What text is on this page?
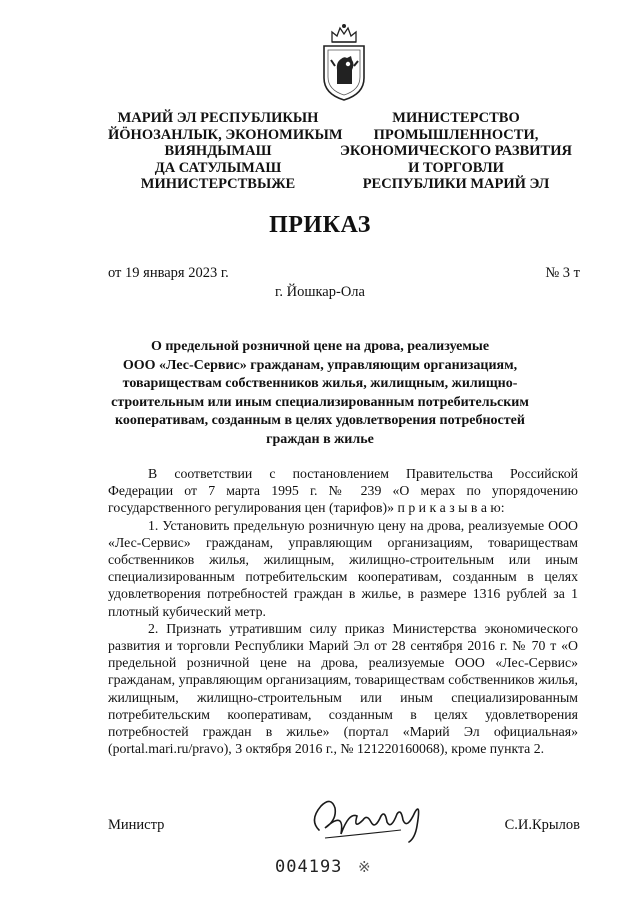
МАРИЙ ЭЛ РЕСПУБЛИКЫН
ЙӦНОЗАНЛЫК, ЭКОНОМИКЫМ
ВИЯНДЫМАШ
ДА САТУЛЫМАШ
МИНИСТЕРСТВЫЖЕ
МИНИСТЕРСТВО
ПРОМЫШЛЕННОСТИ,
ЭКОНОМИЧЕСКОГО РАЗВИТИЯ
И ТОРГОВЛИ
РЕСПУБЛИКИ МАРИЙ ЭЛ
ПРИКАЗ
от 19 января 2023 г.	№ 3 т
г. Йошкар-Ола
О предельной розничной цене на дрова, реализуемые
ООО «Лес-Сервис» гражданам, управляющим организациям,
товариществам собственников жилья, жилищным, жилищно-
строительным или иным специализированным потребительским
кооперативам, созданным в целях удовлетворения потребностей
граждан в жилье

В соответствии с постановлением Правительства Российской Федерации от 7 марта 1995 г. № 239 «О мерах по упорядочению государственного регулирования цен (тарифов)» п р и к а з ы в а ю:

1. Установить предельную розничную цену на дрова, реализуемые ООО «Лес-Сервис» гражданам, управляющим организациям, товариществам собственников жилья, жилищным, жилищно-строительным или иным специализированным потребительским кооперативам, созданным в целях удовлетворения потребностей граждан в жилье, в размере 1316 рублей за 1 плотный кубический метр.

2. Признать утратившим силу приказ Министерства экономического развития и торговли Республики Марий Эл от 28 сентября 2016 г. № 70 т «О предельной розничной цене на дрова, реализуемые ООО «Лес-Сервис» гражданам, управляющим организациям, товариществам собственников жилья, жилищным, жилищно-строительным или иным специализированным потребительским кооперативам, созданным в целях удовлетворения потребностей граждан в жилье» (портал «Марий Эл официальная» (portal.mari.ru/pravo), 3 октября 2016 г., № 121220160068), кроме пункта 2.

Министр	С.И.Крылов
004193 ※
